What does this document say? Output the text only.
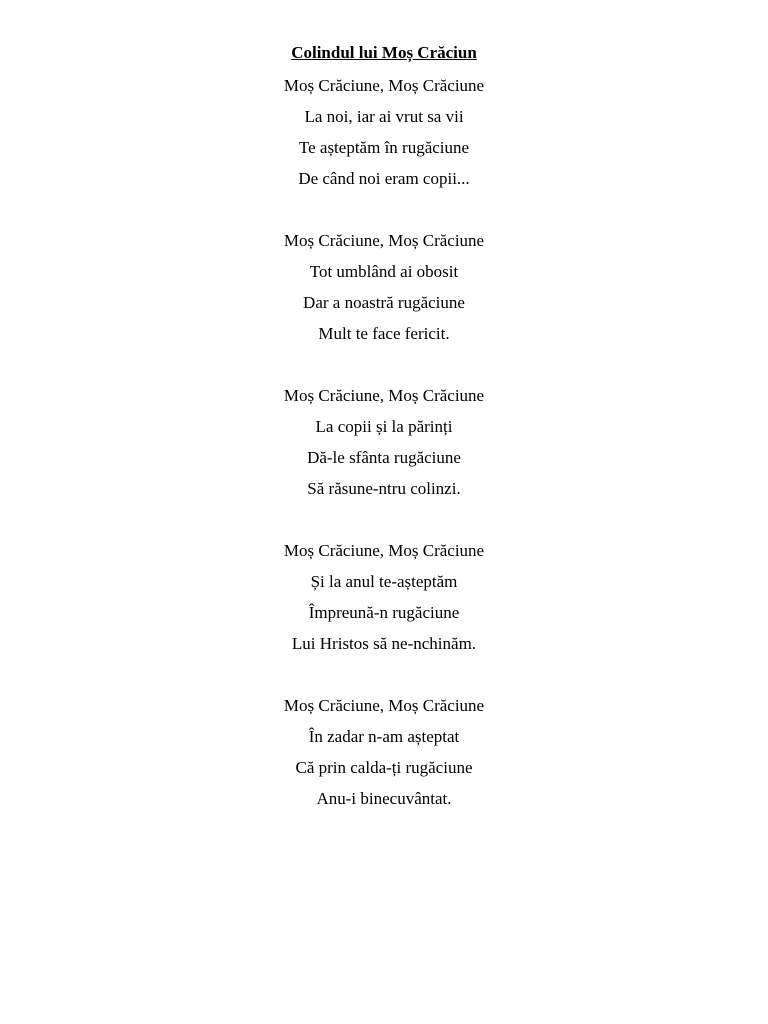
Colindul lui Moș Crăciun
Moș Crăciune, Moș Crăciune
La noi, iar ai vrut sa vii
Te așteptăm în rugăciune
De când noi eram copii...
Moș Crăciune, Moș Crăciune
Tot umblând ai obosit
Dar a noastră rugăciune
Mult te face fericit.
Moș Crăciune, Moș Crăciune
La copii și la părinți
Dă-le sfânta rugăciune
Să răsune-ntru colinzi.
Moș Crăciune, Moș Crăciune
Și la anul te-așteptăm
Împreună-n rugăciune
Lui Hristos să ne-nchinăm.
Moș Crăciune, Moș Crăciune
În zadar n-am așteptat
Că prin calda-ți rugăciune
Anu-i binecuvântat.
